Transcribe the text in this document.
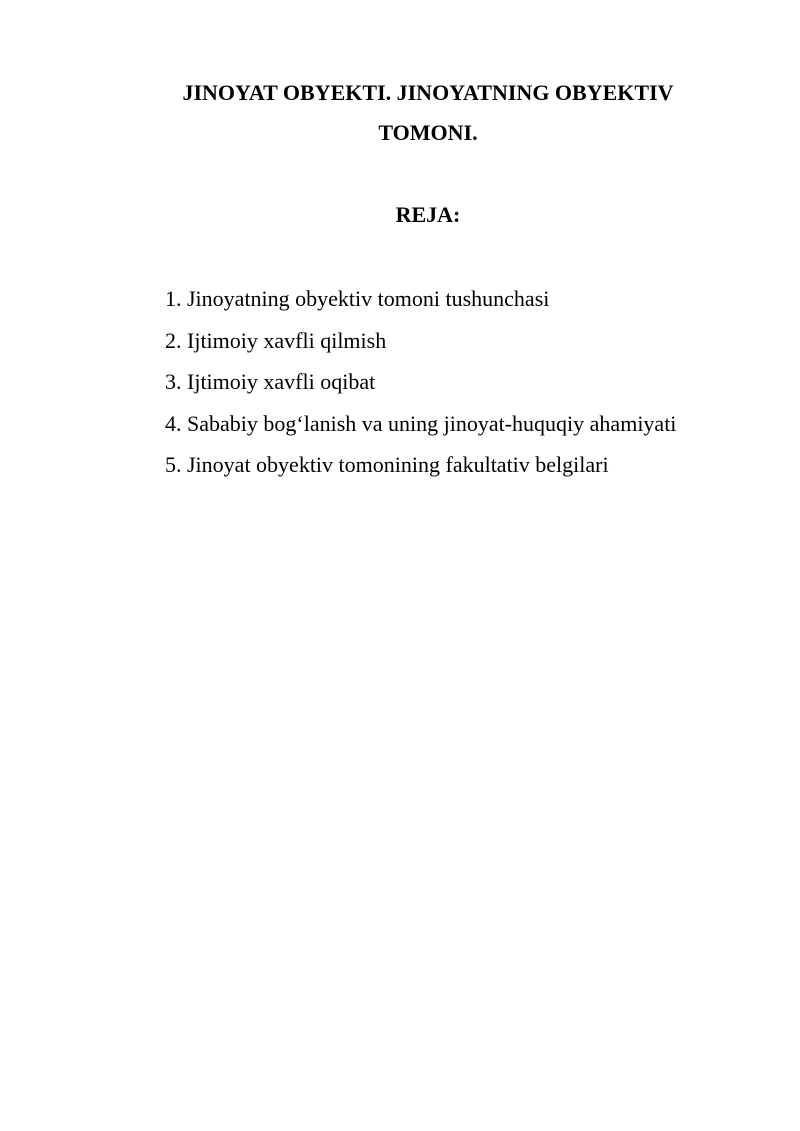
JINOYAT OBYEKTI. JINOYATNING OBYEKTIV
TOMONI.
REJA:
1. Jinoyatning obyektiv tomoni tushunchasi
2. Ijtimoiy xavfli qilmish
3. Ijtimoiy xavfli oqibat
4. Sababiy bog‘lanish va uning jinoyat-huquqiy ahamiyati
5. Jinoyat obyektiv tomonining fakultativ belgilari
